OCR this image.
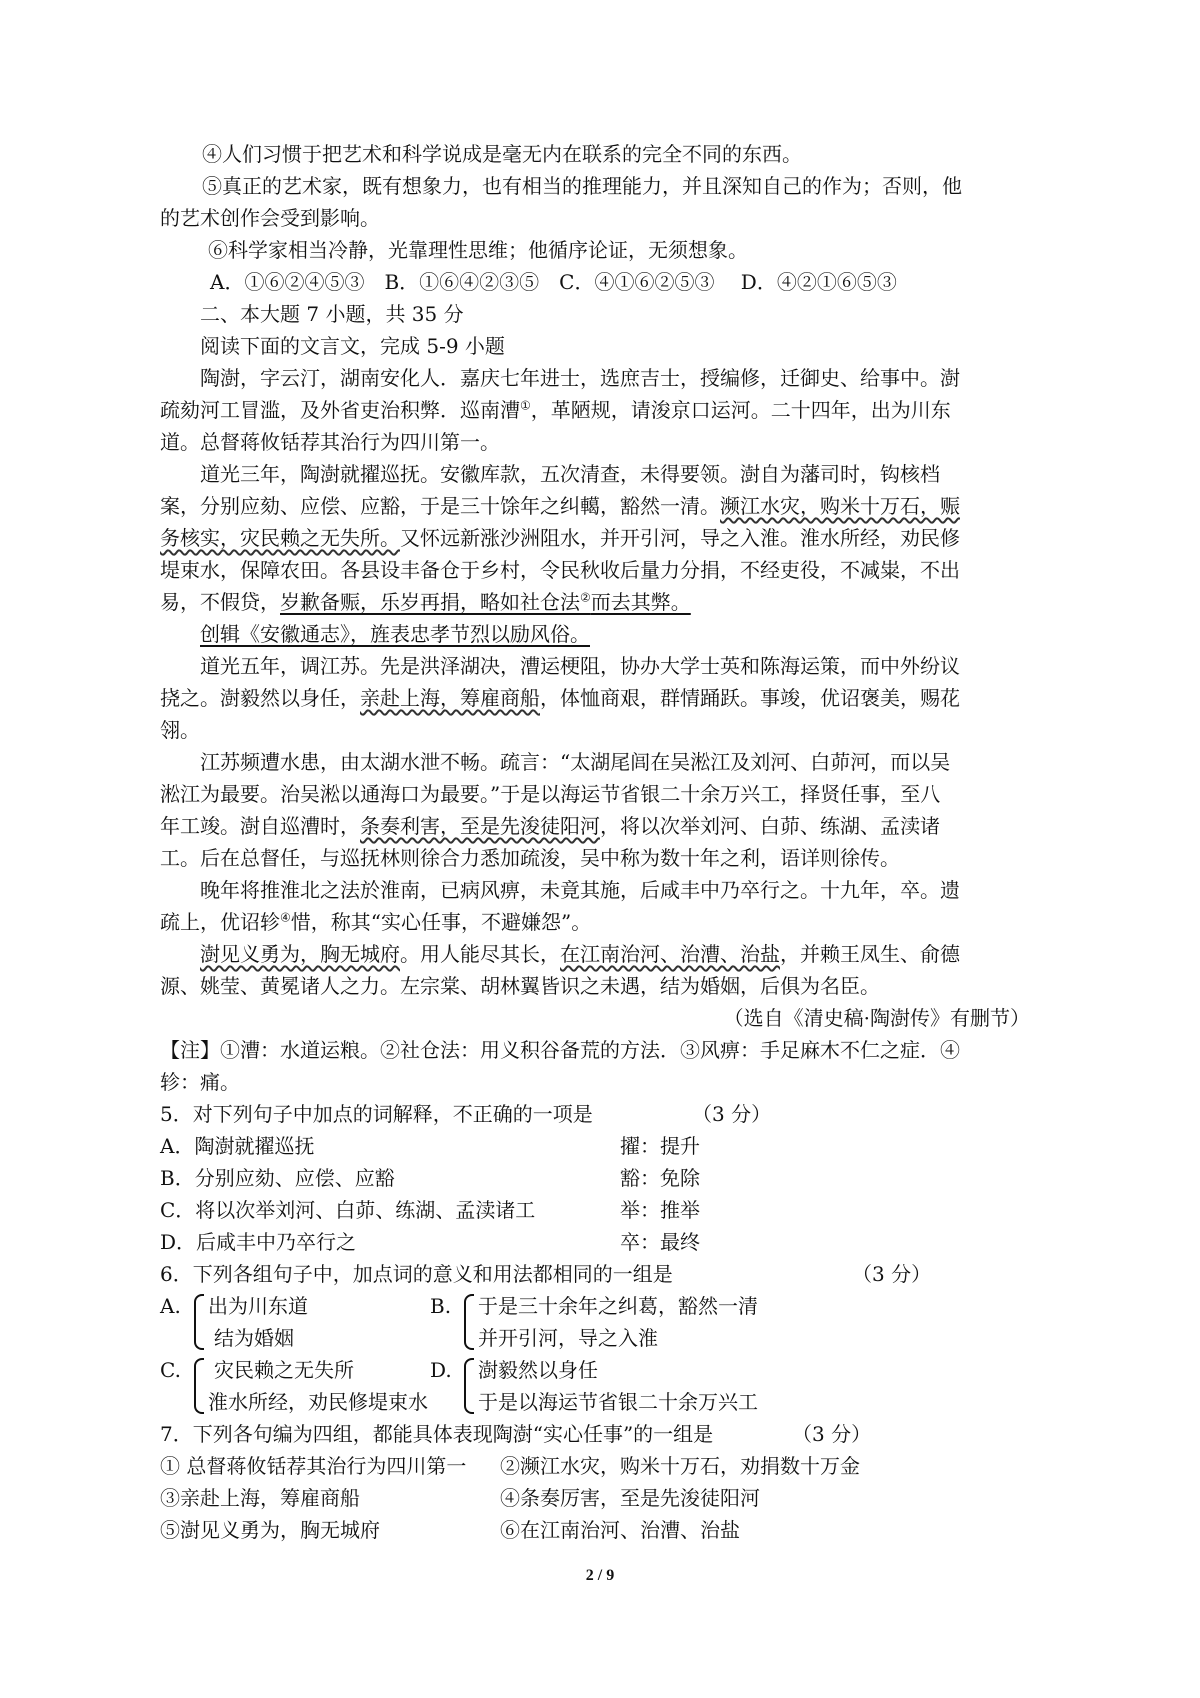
④人们习惯于把艺术和科学说成是毫无内在联系的完全不同的东西。
⑤真正的艺术家，既有想象力，也有相当的推理能力，并且深知自己的作为；否则，他
的艺术创作会受到影响。
⑥科学家相当冷静，光靠理性思维；他循序论证，无须想象。
A．①⑥②④⑤③　B．①⑥④②③⑤　C．④①⑥②⑤③　 D．④②①⑥⑤③
二、本大题 7 小题，共 35 分
阅读下面的文言文，完成 5-9 小题
陶澍，字云汀，湖南安化人．嘉庆七年进士，选庶吉士，授编修，迁御史、给事中。澍
疏劾河工冒滥，及外省吏治积弊．巡南漕①，革陋规，请浚京口运河。二十四年，出为川东
道。总督蒋攸铦荐其治行为四川第一。
道光三年，陶澍就擢巡抚。安徽库款，五次清查，未得要领。澍自为藩司时，钩核档
案，分别应劾、应偿、应豁，于是三十馀年之纠轕，豁然一清。濒江水灾，购米十万石，赈
务核实，灾民赖之无失所。又怀远新涨沙洲阻水，并开引河，导之入淮。淮水所经，劝民修
堤束水，保障农田。各县设丰备仓于乡村，令民秋收后量力分捐，不经吏役，不减粜，不出
易，不假贷，岁歉备赈，乐岁再捐，略如社仓法②而去其弊。
创辑《安徽通志》，旌表忠孝节烈以励风俗。
道光五年，调江苏。先是洪泽湖决，漕运梗阻，协办大学士英和陈海运策，而中外纷议
挠之。澍毅然以身任，亲赴上海，筹雇商船，体恤商艰，群情踊跃。事竣，优诏褒美，赐花
翎。
江苏频遭水患，由太湖水泄不畅。疏言：“太湖尾闾在吴淞江及刘河、白茆河，而以吴
淞江为最要。治吴淞以通海口为最要。”于是以海运节省银二十余万兴工，择贤任事，至八
年工竣。澍自巡漕时，条奏利害，至是先浚徒阳河，将以次举刘河、白茆、练湖、孟渎诸
工。后在总督任，与巡抚林则徐合力悉加疏浚，吴中称为数十年之利，语详则徐传。
晚年将推淮北之法於淮南，已病风痹，未竟其施，后咸丰中乃卒行之。十九年，卒。遗
疏上，优诏轸④惜，称其“实心任事，不避嫌怨”。
澍见义勇为，胸无城府。用人能尽其长，在江南治河、治漕、治盐，并赖王凤生、俞德
源、姚莹、黄冕诸人之力。左宗棠、胡林翼皆识之未遇，结为婚姻，后俱为名臣。
（选自《清史稿·陶澍传》有删节）
【注】①漕：水道运粮。②社仓法：用义积谷备荒的方法．③风痹：手足麻木不仁之症．④
轸：痛。
5．对下列句子中加点的词解释，不正确的一项是	（3 分）
A．陶澍就擢巡抚	擢：提升
B．分别应劾、应偿、应豁	豁：免除
C．将以次举刘河、白茆、练湖、孟渎诸工	举：推举
D．后咸丰中乃卒行之	卒：最终
6．下列各组句子中，加点词的意义和用法都相同的一组是	（3 分）
A.	出为川东道
结为婚姻
B.	于是三十余年之纠葛，豁然一清
并开引河，导之入淮
C.	灾民赖之无失所
淮水所经，劝民修堤束水
D.	澍毅然以身任
于是以海运节省银二十余万兴工
7．下列各句编为四组，都能具体表现陶澍“实心任事”的一组是	（3 分）
① 总督蒋攸铦荐其治行为四川第一	②濒江水灾，购米十万石，劝捐数十万金
③亲赴上海，筹雇商船	④条奏厉害，至是先浚徒阳河
⑤澍见义勇为，胸无城府	⑥在江南治河、治漕、治盐
2 / 9
